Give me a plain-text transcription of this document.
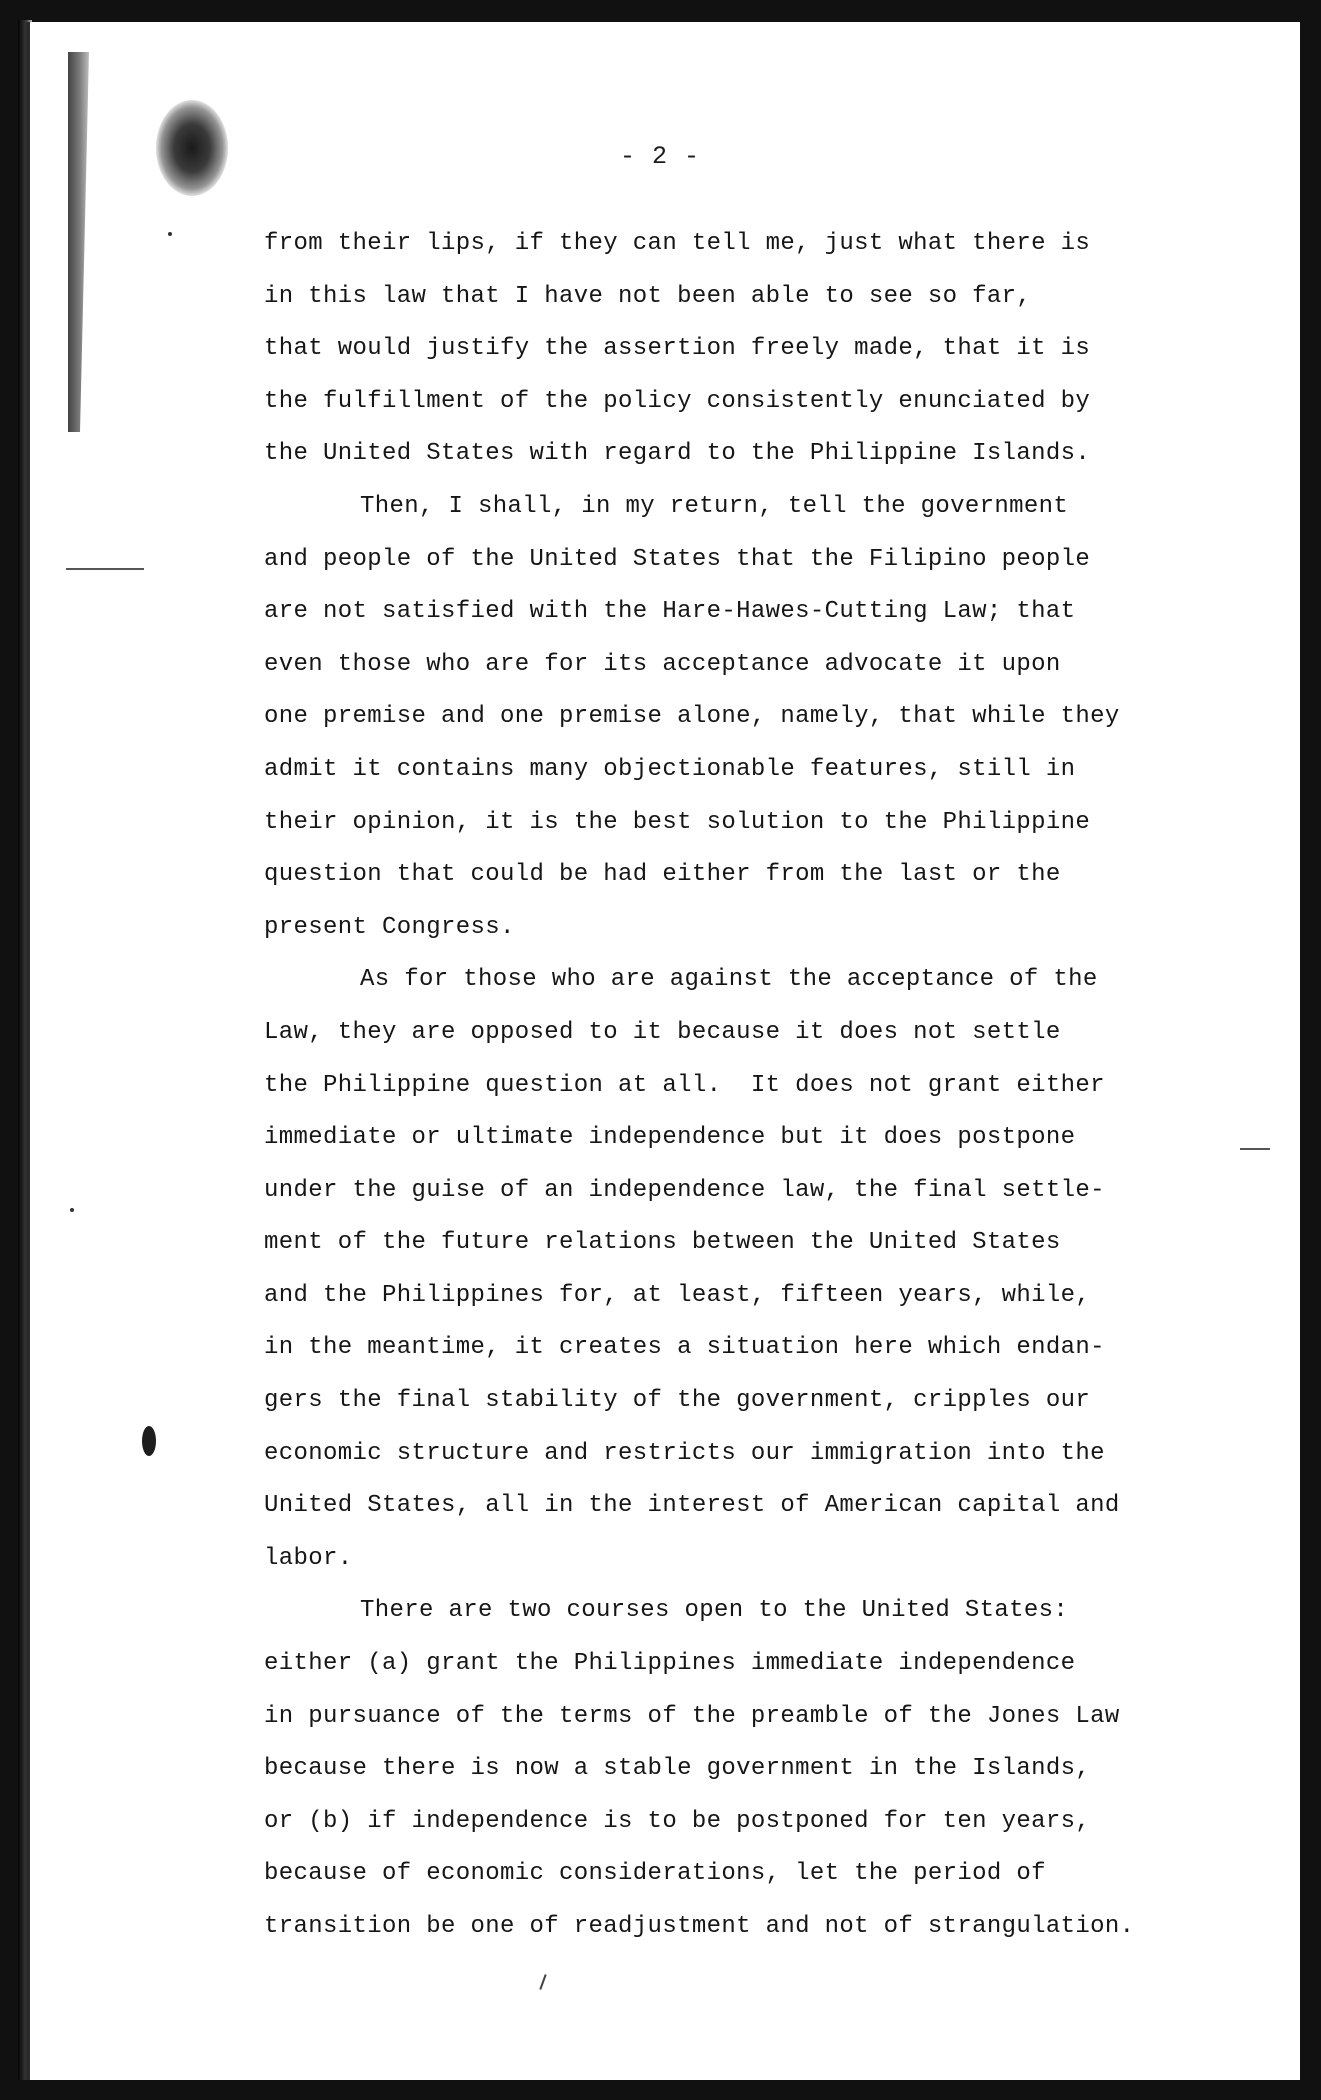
- 2 -
from their lips, if they can tell me, just what there is
in this law that I have not been able to see so far,
that would justify the assertion freely made, that it is
the fulfillment of the policy consistently enunciated by
the United States with regard to the Philippine Islands.
Then, I shall, in my return, tell the government
and people of the United States that the Filipino people
are not satisfied with the Hare-Hawes-Cutting Law; that
even those who are for its acceptance advocate it upon
one premise and one premise alone, namely, that while they
admit it contains many objectionable features, still in
their opinion, it is the best solution to the Philippine
question that could be had either from the last or the
present Congress.
As for those who are against the acceptance of the
Law, they are opposed to it because it does not settle
the Philippine question at all.  It does not grant either
immediate or ultimate independence but it does postpone
under the guise of an independence law, the final settle-
ment of the future relations between the United States
and the Philippines for, at least, fifteen years, while,
in the meantime, it creates a situation here which endan-
gers the final stability of the government, cripples our
economic structure and restricts our immigration into the
United States, all in the interest of American capital and
labor.
There are two courses open to the United States:
either (a) grant the Philippines immediate independence
in pursuance of the terms of the preamble of the Jones Law
because there is now a stable government in the Islands,
or (b) if independence is to be postponed for ten years,
because of economic considerations, let the period of
transition be one of readjustment and not of strangulation.
